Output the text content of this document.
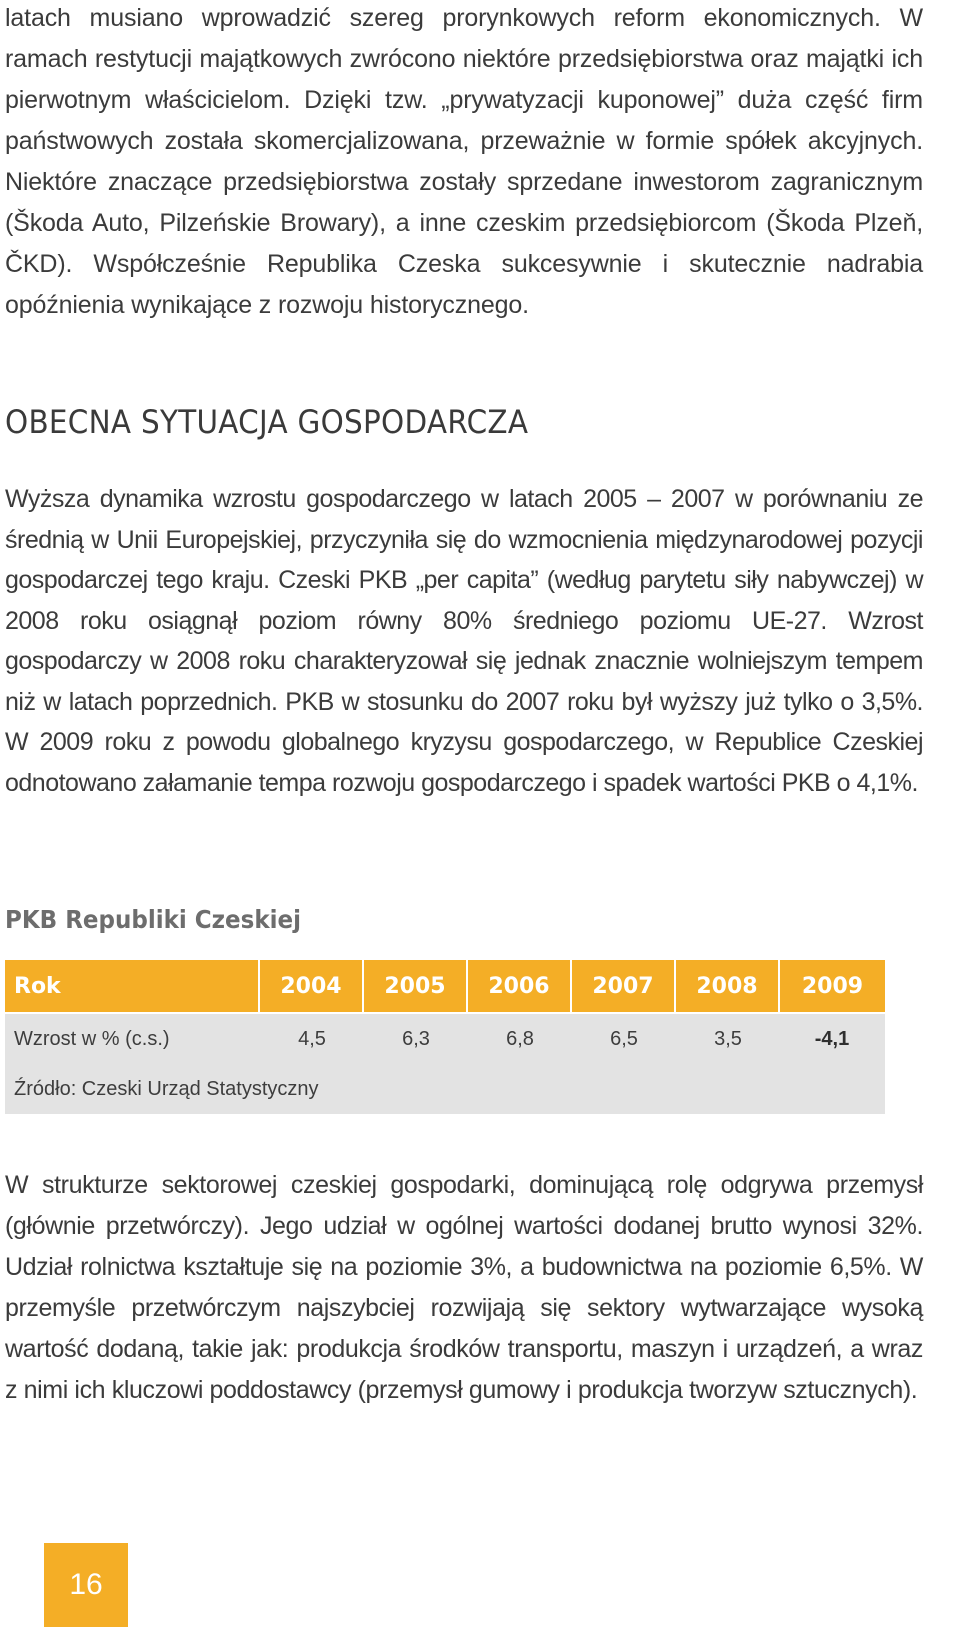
latach musiano wprowadzić szereg prorynkowych reform ekonomicznych. W ramach restytucji majątkowych zwrócono niektóre przedsiębiorstwa oraz majątki ich pierwotnym właścicielom. Dzięki tzw. „prywatyzacji kuponowej” duża część firm państwowych została skomercjalizowana, przeważnie w formie spółek akcyjnych. Niektóre znaczące przedsiębiorstwa zostały sprzedane inwestorom zagranicznym (Škoda Auto, Pilzeńskie Browary), a inne czeskim przedsiębiorcom (Škoda Plzeň, ČKD). Współcześnie Republika Czeska sukcesywnie i skutecznie nadrabia opóźnienia wynikające z rozwoju historycznego.

OBECNA SYTUACJA GOSPODARCZA

Wyższa dynamika wzrostu gospodarczego w latach 2005 – 2007 w porównaniu ze średnią w Unii Europejskiej, przyczyniła się do wzmocnienia międzynarodowej pozycji gospodarczej tego kraju. Czeski PKB „per capita” (według parytetu siły nabywczej) w 2008 roku osiągnął poziom równy 80% średniego poziomu UE-27. Wzrost gospodarczy w 2008 roku charakteryzował się jednak znacznie wolniejszym tempem niż w latach poprzednich. PKB w stosunku do 2007 roku był wyższy już tylko o 3,5%. W 2009 roku z powodu globalnego kryzysu gospodarczego, w Republice Czeskiej odnotowano załamanie tempa rozwoju gospodarczego i spadek wartości PKB o 4,1%.

PKB Republiki Czeskiej
Rok	2004	2005	2006	2007	2008	2009
Wzrost w % (c.s.)	4,5	6,3	6,8	6,5	3,5	-4,1
Źródło: Czeski Urząd Statystyczny

W strukturze sektorowej czeskiej gospodarki, dominującą rolę odgrywa przemysł (głównie przetwórczy). Jego udział w ogólnej wartości dodanej brutto wynosi 32%. Udział rolnictwa kształtuje się na poziomie 3%, a budownictwa na poziomie 6,5%. W przemyśle przetwórczym najszybciej rozwijają się sektory wytwarzające wysoką wartość dodaną, takie jak: produkcja środków transportu, maszyn i urządzeń, a wraz z nimi ich kluczowi poddostawcy (przemysł gumowy i produkcja tworzyw sztucznych).

16
